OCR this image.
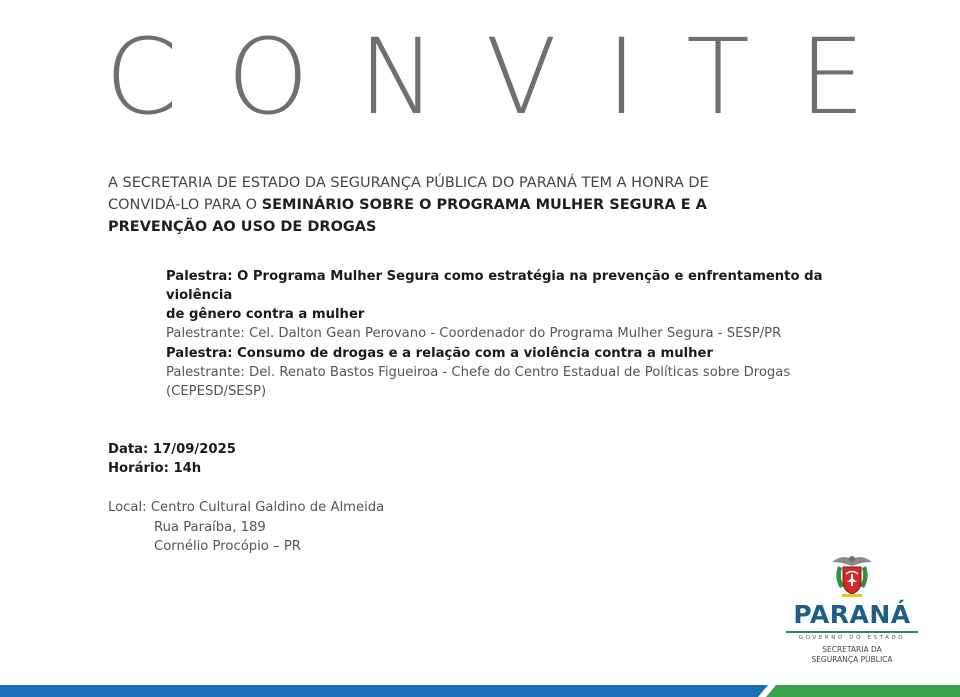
C O N V I T E
A SECRETARIA DE ESTADO DA SEGURANÇA PÚBLICA DO PARANÁ TEM A HONRA DE
CONVIDÁ-LO PARA O SEMINÁRIO SOBRE O PROGRAMA MULHER SEGURA E A
PREVENÇÃO AO USO DE DROGAS
Palestra: O Programa Mulher Segura como estratégia na prevenção e enfrentamento da violência
de gênero contra a mulher
Palestrante: Cel. Dalton Gean Perovano - Coordenador do Programa Mulher Segura - SESP/PR
Palestra: Consumo de drogas e a relação com a violência contra a mulher
Palestrante: Del. Renato Bastos Figueiroa - Chefe do Centro Estadual de Políticas sobre Drogas
(CEPESD/SESP)
Data: 17/09/2025
Horário: 14h
Local: Centro Cultural Galdino de Almeida
Rua Paraíba, 189
Cornélio Procópio – PR
PARANÁ
GOVERNO DO ESTADO
SECRETARIA DA
SEGURANÇA PÚBLICA
